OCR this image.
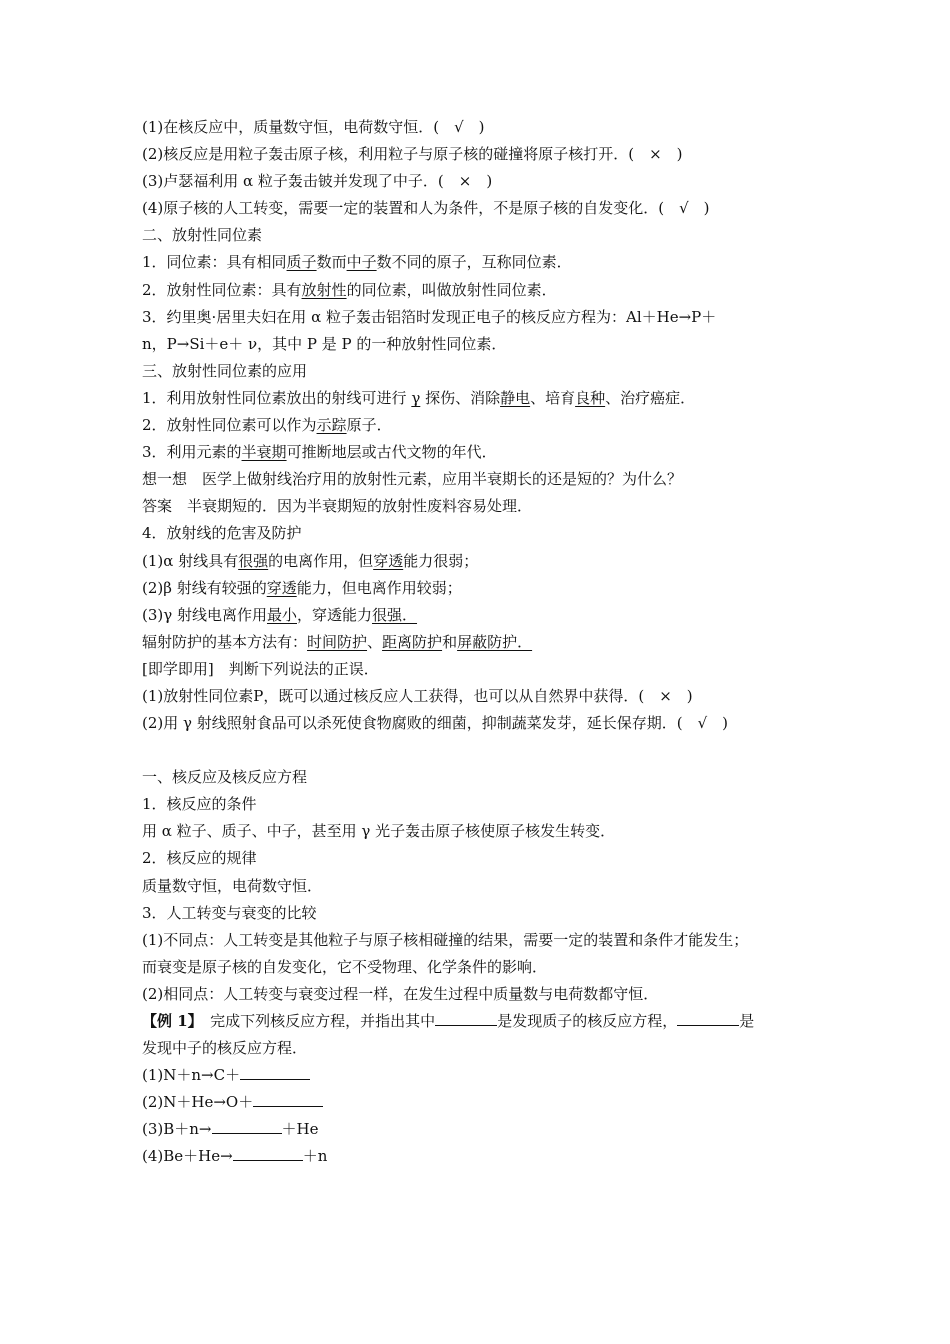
(1)在核反应中，质量数守恒，电荷数守恒．(　√　)
(2)核反应是用粒子轰击原子核，利用粒子与原子核的碰撞将原子核打开．(　×　)
(3)卢瑟福利用 α 粒子轰击铍并发现了中子．(　×　)
(4)原子核的人工转变，需要一定的装置和人为条件，不是原子核的自发变化．(　√　)
二、放射性同位素
1．同位素：具有相同质子数而中子数不同的原子，互称同位素．
2．放射性同位素：具有放射性的同位素，叫做放射性同位素．
3．约里奥·居里夫妇在用 α 粒子轰击铝箔时发现正电子的核反应方程为：Al＋He→P＋
n，P→Si＋e＋ ν，其中 P 是 P 的一种放射性同位素．
三、放射性同位素的应用
1．利用放射性同位素放出的射线可进行 γ 探伤、消除静电、培育良种、治疗癌症．
2．放射性同位素可以作为示踪原子．
3．利用元素的半衰期可推断地层或古代文物的年代．
想一想　医学上做射线治疗用的放射性元素，应用半衰期长的还是短的？为什么？
答案　半衰期短的．因为半衰期短的放射性废料容易处理．
4．放射线的危害及防护
(1)α 射线具有很强的电离作用，但穿透能力很弱；
(2)β 射线有较强的穿透能力，但电离作用较弱；
(3)γ 射线电离作用最小，穿透能力很强．
辐射防护的基本方法有：时间防护、距离防护和屏蔽防护．
[即学即用]　判断下列说法的正误．
(1)放射性同位素P，既可以通过核反应人工获得，也可以从自然界中获得．(　×　)
(2)用 γ 射线照射食品可以杀死使食物腐败的细菌，抑制蔬菜发芽，延长保存期．(　√　)
一、核反应及核反应方程
1．核反应的条件
用 α 粒子、质子、中子，甚至用 γ 光子轰击原子核使原子核发生转变．
2．核反应的规律
质量数守恒，电荷数守恒．
3．人工转变与衰变的比较
(1)不同点：人工转变是其他粒子与原子核相碰撞的结果，需要一定的装置和条件才能发生；
而衰变是原子核的自发变化，它不受物理、化学条件的影响．
(2)相同点：人工转变与衰变过程一样，在发生过程中质量数与电荷数都守恒．
【例 1】　完成下列核反应方程，并指出其中	是发现质子的核反应方程，	是
发现中子的核反应方程．
(1)N＋n→C＋
(2)N＋He→O＋
(3)B＋n→	＋He
(4)Be＋He→	＋n
